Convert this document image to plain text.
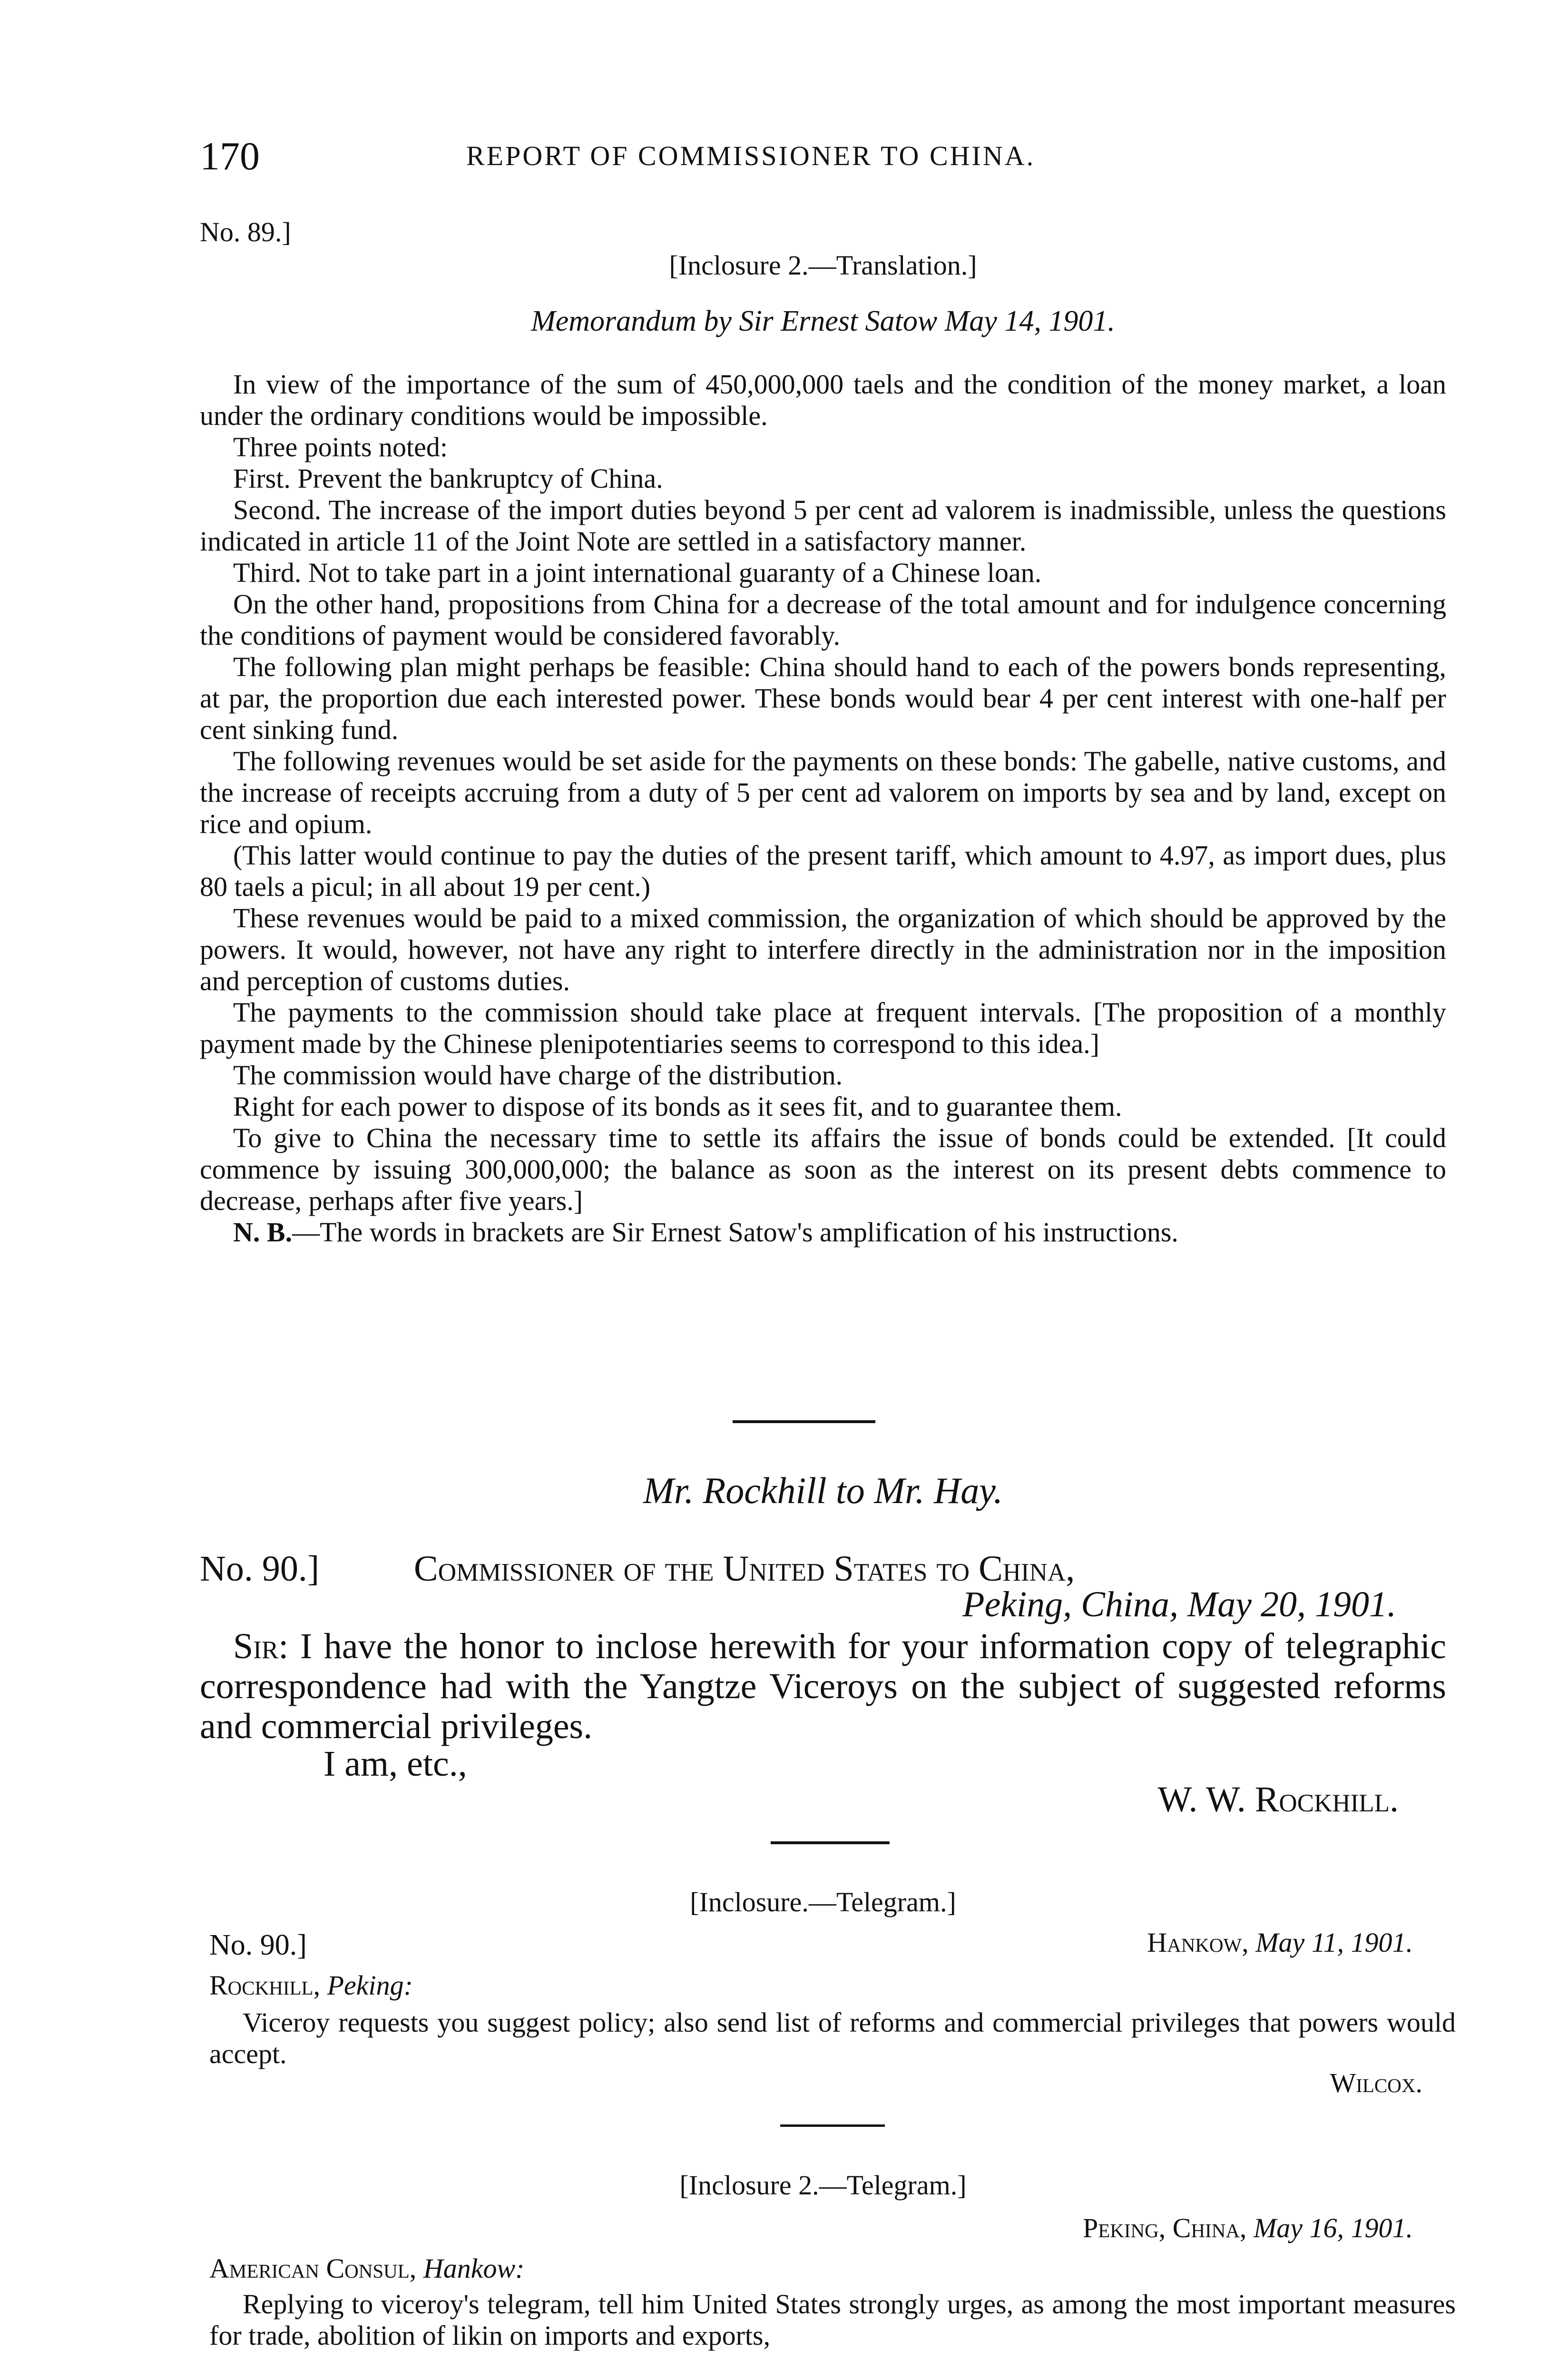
170	REPORT OF COMMISSIONER TO CHINA.
No. 89.]
[Inclosure 2.—Translation.]
Memorandum by Sir Ernest Satow May 14, 1901.

In view of the importance of the sum of 450,000,000 taels and the condition of the money market, a loan under the ordinary conditions would be impossible.

Three points noted:

First. Prevent the bankruptcy of China.

Second. The increase of the import duties beyond 5 per cent ad valorem is inadmissible, unless the questions indicated in article 11 of the Joint Note are settled in a satisfactory manner.

Third. Not to take part in a joint international guaranty of a Chinese loan.

On the other hand, propositions from China for a decrease of the total amount and for indulgence concerning the conditions of payment would be considered favorably.

The following plan might perhaps be feasible: China should hand to each of the powers bonds representing, at par, the proportion due each interested power. These bonds would bear 4 per cent interest with one-half per cent sinking fund.

The following revenues would be set aside for the payments on these bonds: The gabelle, native customs, and the increase of receipts accruing from a duty of 5 per cent ad valorem on imports by sea and by land, except on rice and opium.

(This latter would continue to pay the duties of the present tariff, which amount to 4.97, as import dues, plus 80 taels a picul; in all about 19 per cent.)

These revenues would be paid to a mixed commission, the organization of which should be approved by the powers. It would, however, not have any right to interfere directly in the administration nor in the imposition and perception of customs duties.

The payments to the commission should take place at frequent intervals. [The proposition of a monthly payment made by the Chinese plenipotentiaries seems to correspond to this idea.]

The commission would have charge of the distribution.

Right for each power to dispose of its bonds as it sees fit, and to guarantee them.

To give to China the necessary time to settle its affairs the issue of bonds could be extended. [It could commence by issuing 300,000,000; the balance as soon as the interest on its present debts commence to decrease, perhaps after five years.]

N. B.—The words in brackets are Sir Ernest Satow's amplification of his instructions.

Mr. Rockhill to Mr. Hay.
No. 90.]	Commissioner of the United States to China,
Peking, China, May 20, 1901.

Sir: I have the honor to inclose herewith for your information copy of telegraphic correspondence had with the Yangtze Viceroys on the subject of suggested reforms and commercial privileges.

I am, etc.,
W. W. Rockhill.
[Inclosure.—Telegram.]
No. 90.]	Hankow, May 11, 1901.
Rockhill, Peking:

Viceroy requests you suggest policy; also send list of reforms and commercial privileges that powers would accept.

Wilcox.
[Inclosure 2.—Telegram.]
Peking, China, May 16, 1901.
American Consul, Hankow:

Replying to viceroy's telegram, tell him United States strongly urges, as among the most important measures for trade, abolition of likin on imports and exports,
